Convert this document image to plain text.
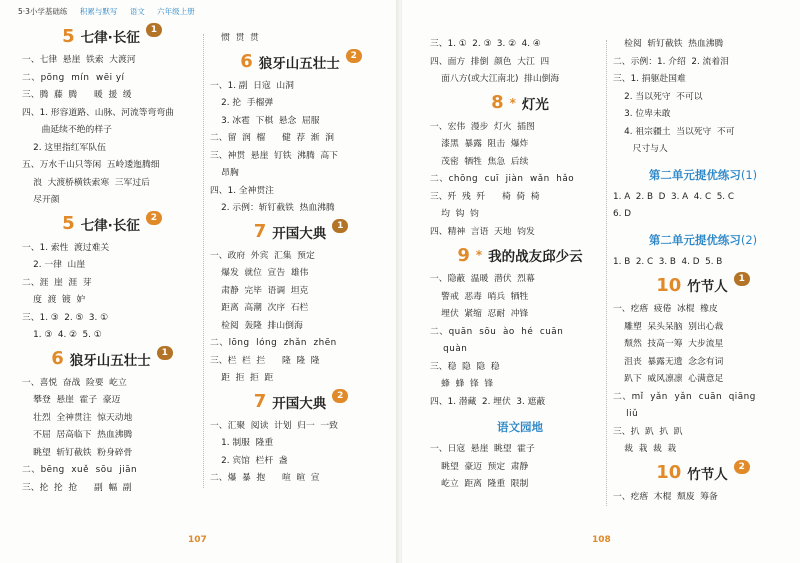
5·3小学基础练 积累与默写 语文 六年级上册
5 七律·长征	1
一、七律  悬崖  铁索  大渡河
二、pōng  mín  wēi yí
三、腾  藤  腾      暖  援  缓
四、1. 形容道路、山脉、河流等弯弯曲
曲延续不绝的样子
2. 这里指红军队伍
五、万水千山只等闲  五岭逶迤腾细
浪  大渡桥横铁索寒  三军过后
尽开颜
5 七律·长征	2
一、1. 索性  渡过难关
2. 一律  山崖
二、涯  崖  涯  芽
度  渡  镀  妒
三、1. ③  2. ⑤  3. ①
1. ③  4. ②  5. ①
6 狼牙山五壮士	1
一、喜悦  奋战  险要  屹立
攀登  悬崖  霍子  豪迈
壮烈  全神贯注  惊天动地
不屈  居高临下  热血沸腾
眺望  斩钉截铁  粉身碎骨
二、bēng  xuě  sōu  jiān
三、抡  抡  抢      副  幅  副
惯  贯  贯
6 狼牙山五壮士	2
一、1. 副  日寇  山洞
2. 抡  手榴弹
3. 冰雹  下棋  悬念  屈服
二、留  润  榴      健  荐  渐  涧
三、神贯  悬崖  钉铁  沸腾  高下
昂胸
四、1. 全神贯注
2. 示例：斩钉截铁  热血沸腾
7 开国大典	1
一、政府  外宾  汇集  预定
爆发  就位  宣告  雄伟
肃静  完毕  语调  坦克
距离  高潮  次序  石栏
检阅  轰隆  排山倒海
二、lōng  lóng  zhǎn  zhēn
三、栏  栏  拦      隆  隆  隆
距  拒  拒  距
7 开国大典	2
一、汇聚  阅读  计划  归一  一致
1. 制服  隆重
2. 宾馆  栏杆  盏
二、爆  暴  抱      喧  暄  宣
107
三、1. ①  2. ③  3. ②  4. ④
四、面方  排倒  颜色  大江  四
面八方(或大江南北)  排山倒海
8 * 灯光
一、宏伟  漫步  灯火  插图
漆黑  暴露  阻击  爆炸
茂密  牺牲  焦急  后续
二、chōng  cuī  jiàn  wǎn  hǎo
三、歼  残  歼      椅  倚  椅
均  钩  钧
四、精神  言语  天地  钧发
9 * 我的战友邱少云
一、隐蔽  温暖  潜伏  烈幕
警戒  恶毒  哨兵  牺牲
埋伏  紧缩  忍耐  冲锋
二、quān  sōu  ào  hé  cuān
quàn
三、稳  隐  隐  稳
蜂  蜂  锋  锋
四、1. 潜藏  2. 埋伏  3. 遮蔽
语文园地
一、日寇  悬崖  眺望  霍子
眺望  豪迈  预定  肃静
屹立  距离  隆重  限制
检阅  斩钉截铁  热血沸腾
二、示例：1. 介绍  2. 流着泪
三、1. 捐躯赴国难
2. 当以死守  不可以
3. 位卑未敢
4. 祖宗疆土  当以死守  不可
尺寸与人
第二单元提优练习(1)
1. A  2. B  D  3. A  4. C  5. C
6. D
第二单元提优练习(2)
1. B  2. C  3. B  4. D  5. B
10 竹节人	1
一、疙瘩  疲倦  冰棍  橡皮
雕塑  呆头呆脑  别出心裁
颓然  技高一筹  大步流星
沮丧  暴露无遗  念念有词
趴下  威风凛凛  心满意足
二、mǐ  yǎn  yǎn  cuān  qiāng
liǔ
三、扒  趴  扒  趴
裁  栽  裁  栽
10 竹节人	2
一、疙瘩  木棍  颓废  筹备
108
